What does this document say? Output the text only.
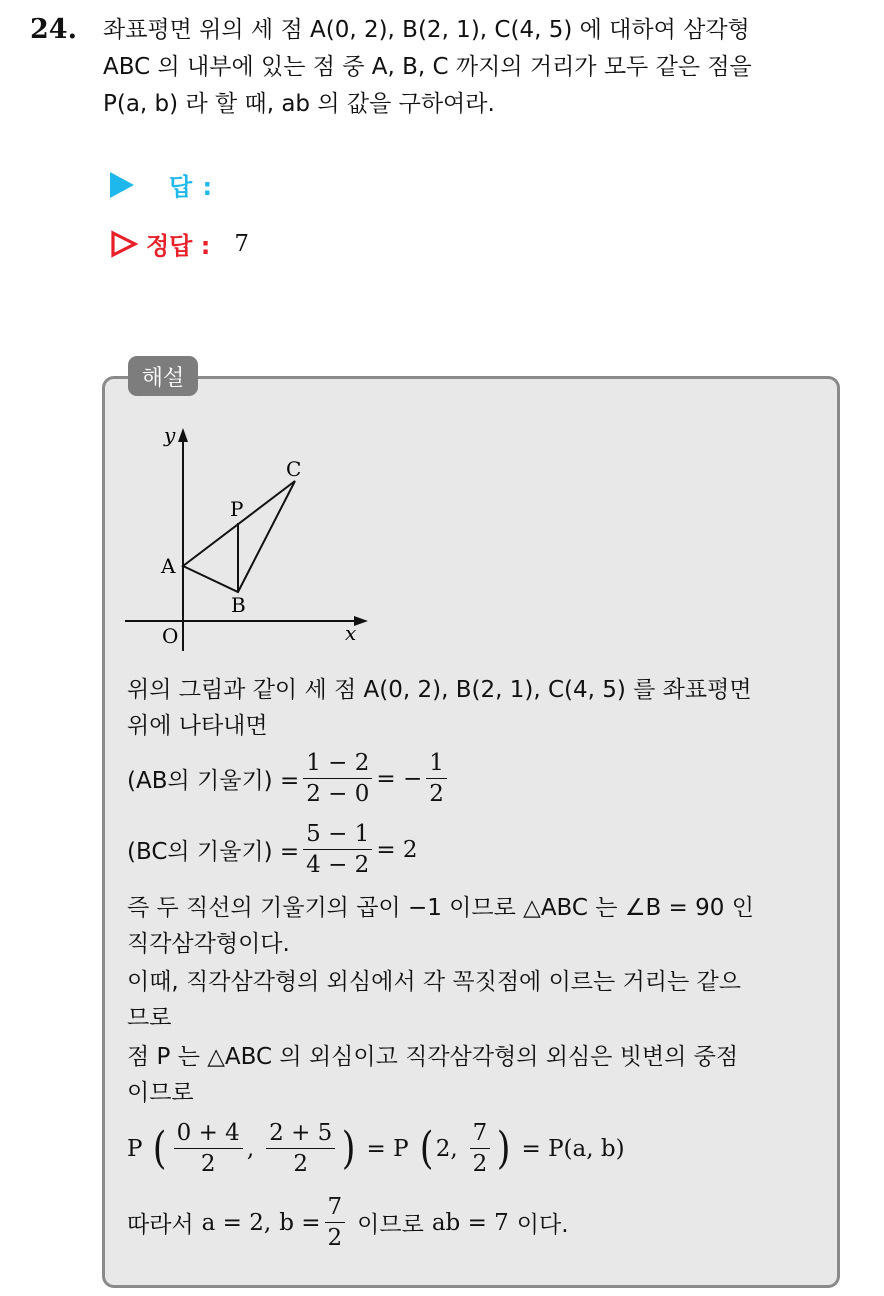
24. 좌표평면 위의 세 점 A(0, 2), B(2, 1), C(4, 5) 에 대하여 삼각형
ABC 의 내부에 있는 점 중 A, B, C 까지의 거리가 모두 같은 점을
P(a, b) 라 할 때, ab 의 값을 구하여라.
답 :
정답 : 7
해설
y
x
O
A
B
C
P
위의 그림과 같이 세 점 A(0, 2), B(2, 1), C(4, 5) 를 좌표평면
위에 나타내면
(AB의 기울기) = $\frac{1 - 2}{2 - 0}$ = − $\frac{1}{2}$
(BC의 기울기) = $\frac{5 - 1}{4 - 2} = 2$
즉 두 직선의 기울기의 곱이 −1 이므로 △ABC 는 ∠B = 90 인
직각삼각형이다.
이때, 직각삼각형의 외심에서 각 꼭짓점에 이르는 거리는 같으
므로
점 P 는 △ABC 의 외심이고 직각삼각형의 외심은 빗변의 중점
이므로
P ( $\frac{0 + 4}{2}$ , $\frac{2 + 5}{2}$ ) = P ( 2, $\frac{7}{2}$ ) = P(a, b)
따라서 a = 2, $b = \frac{7}{2}$ 이므로 ab = 7 이다.
